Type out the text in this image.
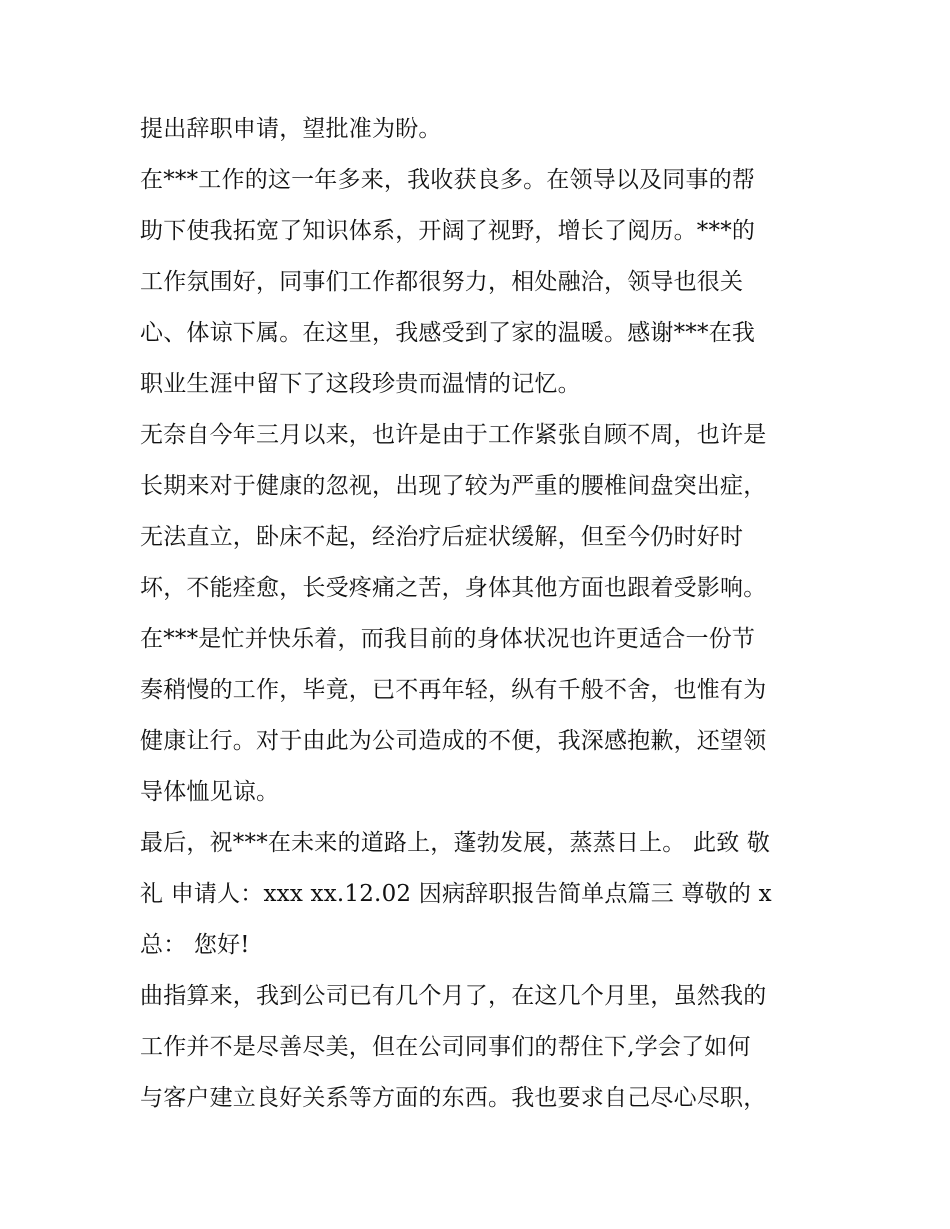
提出辞职申请，望批准为盼。
在***工作的这一年多来，我收获良多。在领导以及同事的帮
助下使我拓宽了知识体系，开阔了视野，增长了阅历。***的
工作氛围好，同事们工作都很努力，相处融洽，领导也很关
心、体谅下属。在这里，我感受到了家的温暖。感谢***在我
职业生涯中留下了这段珍贵而温情的记忆。
无奈自今年三月以来，也许是由于工作紧张自顾不周，也许是
长期来对于健康的忽视，出现了较为严重的腰椎间盘突出症，
无法直立，卧床不起，经治疗后症状缓解，但至今仍时好时
坏，不能痊愈，长受疼痛之苦，身体其他方面也跟着受影响。
在***是忙并快乐着，而我目前的身体状况也许更适合一份节
奏稍慢的工作，毕竟，已不再年轻，纵有千般不舍，也惟有为
健康让行。对于由此为公司造成的不便，我深感抱歉，还望领
导体恤见谅。
最后，祝***在未来的道路上，蓬勃发展，蒸蒸日上。 此致 敬
礼 申请人：xxx xx.12.02 因病辞职报告简单点篇三 尊敬的 x
总： 您好!
曲指算来，我到公司已有几个月了，在这几个月里，虽然我的
工作并不是尽善尽美，但在公司同事们的帮住下,学会了如何
与客户建立良好关系等方面的东西。我也要求自己尽心尽职，
